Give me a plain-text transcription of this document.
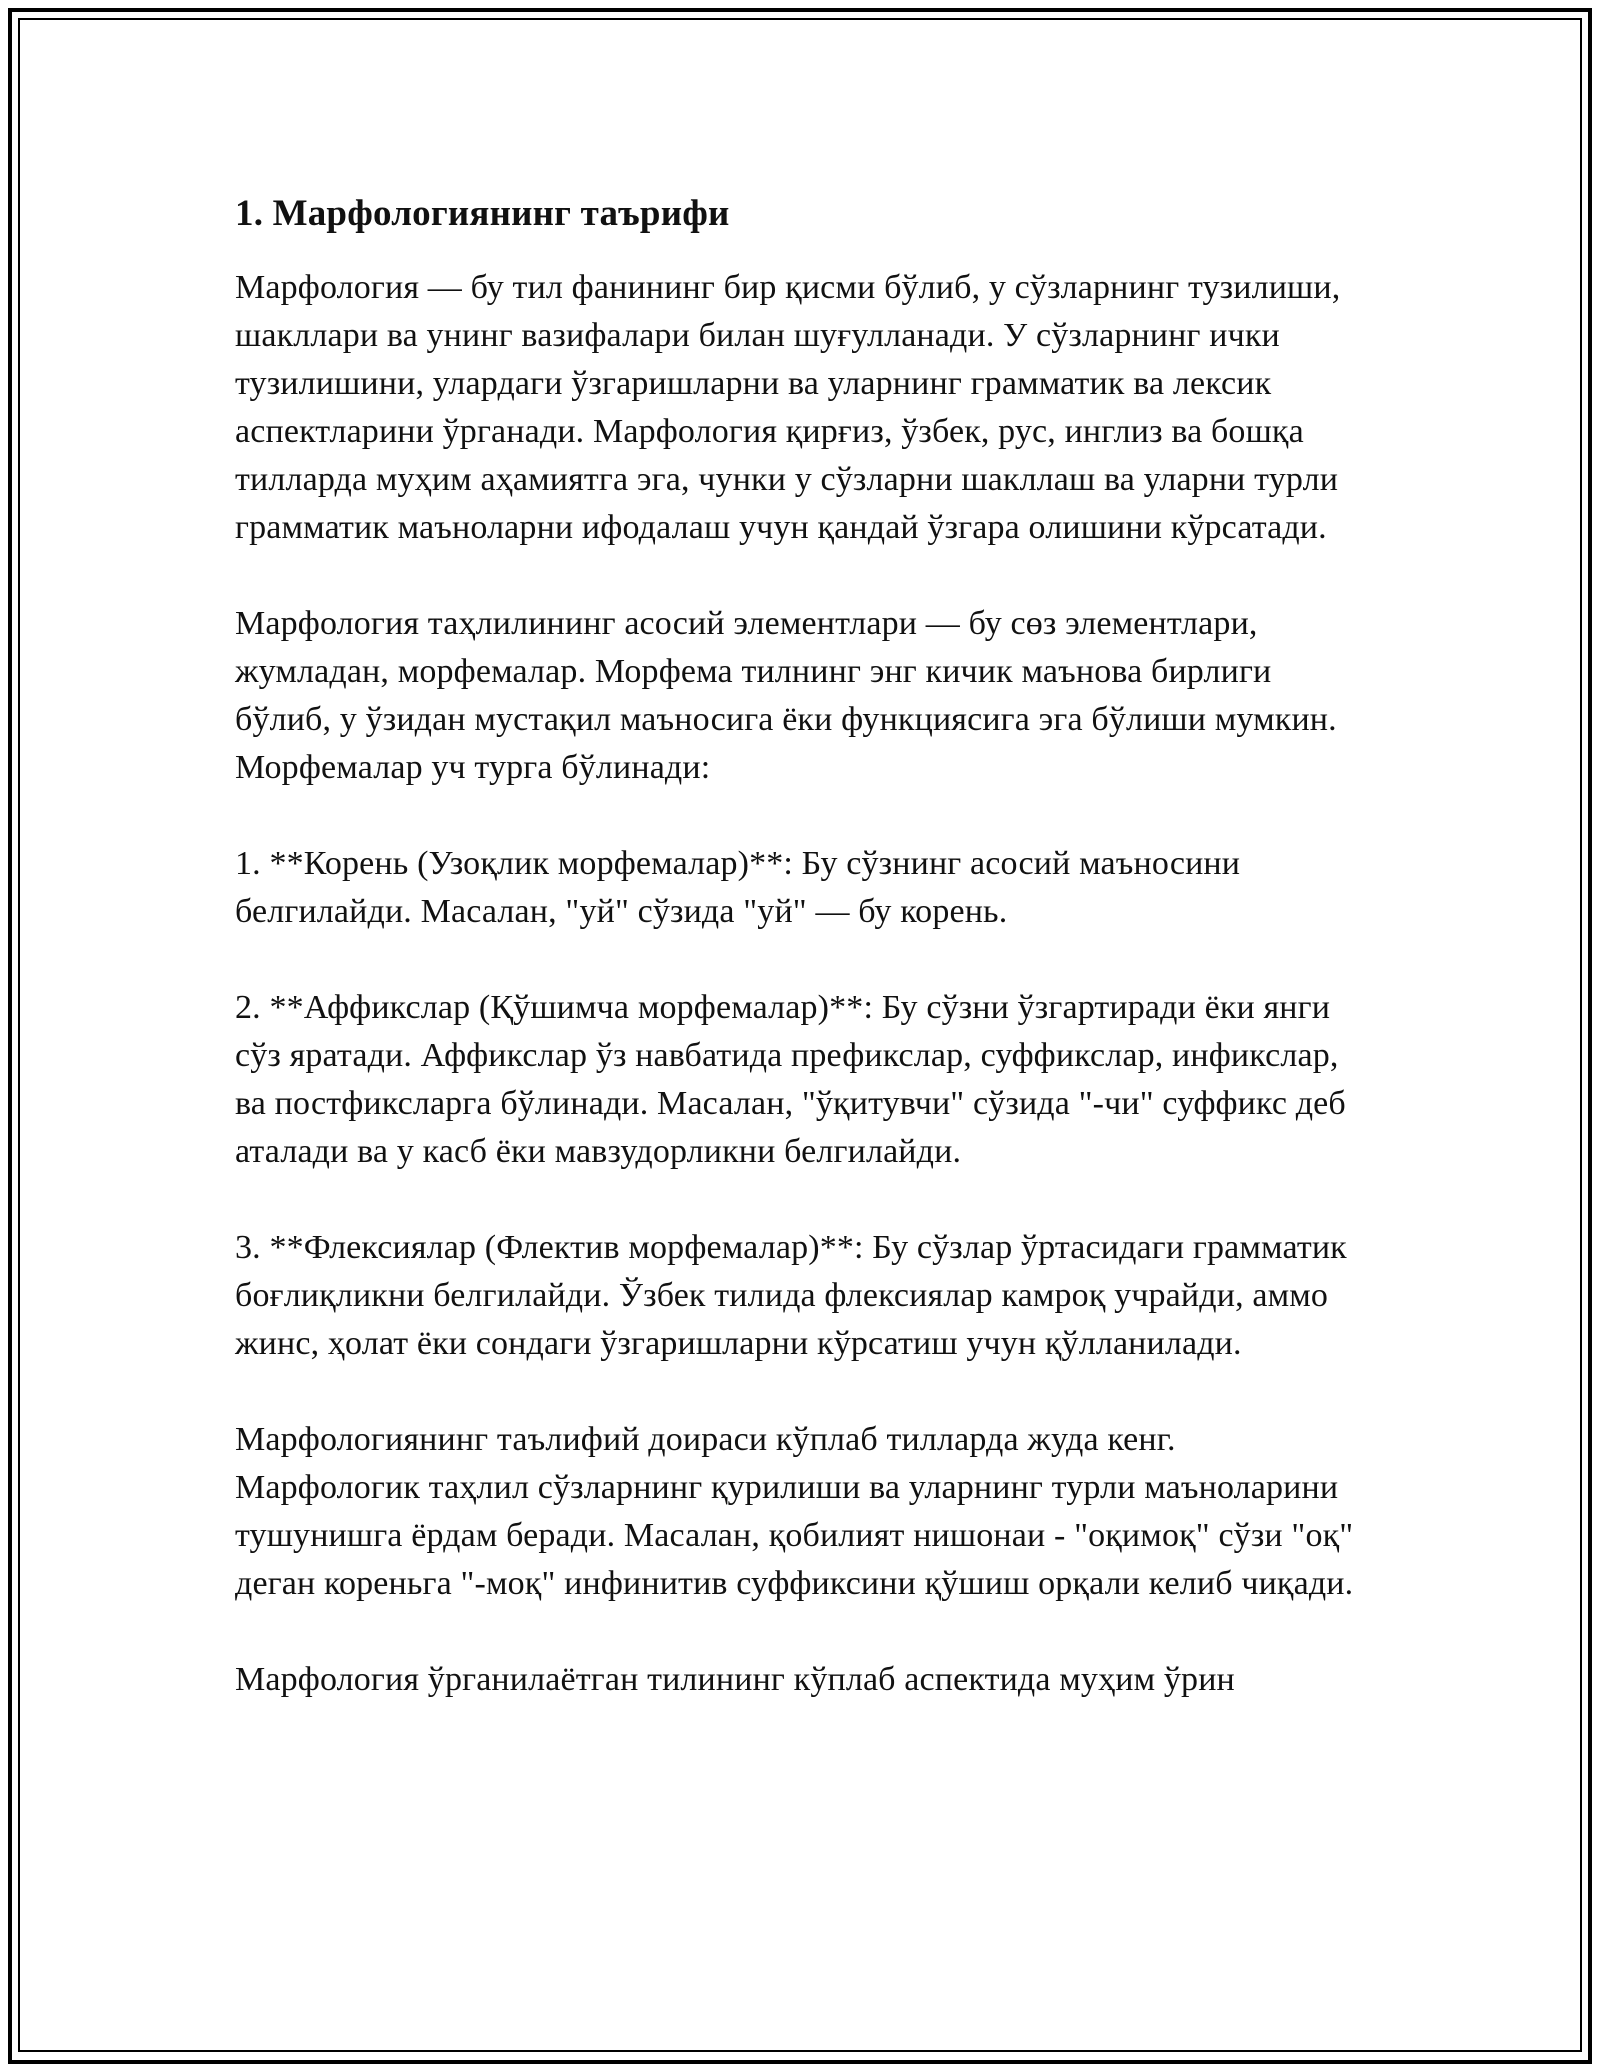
1. Марфологиянинг таърифи

Марфология — бу тил фанининг бир қисми бўлиб, у сўзларнинг тузилиши, шакллари ва унинг вазифалари билан шуғулланади. У сўзларнинг ички тузилишини, улардаги ўзгаришларни ва уларнинг грамматик ва лексик аспектларини ўрганади. Марфология қирғиз, ўзбек, рус, инглиз ва бошқа тилларда муҳим аҳамиятга эга, чунки у сўзларни шакллаш ва уларни турли грамматик маъноларни ифодалаш учун қандай ўзгара олишини кўрсатади.

Марфология таҳлилининг асосий элементлари — бу сөз элементлари, жумладан, морфемалар. Морфема тилнинг энг кичик маънова бирлиги бўлиб, у ўзидан мустақил маъносига ёки функциясига эга бўлиши мумкин. Морфемалар уч турга бўлинади:

1. **Корень (Узоқлик морфемалар)**: Бу сўзнинг асосий маъносини белгилайди. Масалан, "уй" сўзида "уй" — бу корень.

2. **Аффикслар (Қўшимча морфемалар)**: Бу сўзни ўзгартиради ёки янги сўз яратади. Аффикслар ўз навбатида префикслар, суффикслар, инфикслар, ва постфиксларга бўлинади. Масалан, "ўқитувчи" сўзида "-чи" суффикс деб аталади ва у касб ёки мавзудорликни белгилайди.

3. **Флексиялар (Флектив морфемалар)**: Бу сўзлар ўртасидаги грамматик боғлиқликни белгилайди. Ўзбек тилида флексиялар камроқ учрайди, аммо жинс, ҳолат ёки сондаги ўзгаришларни кўрсатиш учун қўлланилади.

Марфологиянинг таълифий доираси кўплаб тилларда жуда кенг. Марфологик таҳлил сўзларнинг қурилиши ва уларнинг турли маъноларини тушунишга ёрдам беради. Масалан, қобилият нишонаи - "оқимоқ" сўзи "оқ" деган кореньга "-моқ" инфинитив суффиксини қўшиш орқали келиб чиқади.

Марфология ўрганилаётган тилининг кўплаб аспектида муҳим ўрин
